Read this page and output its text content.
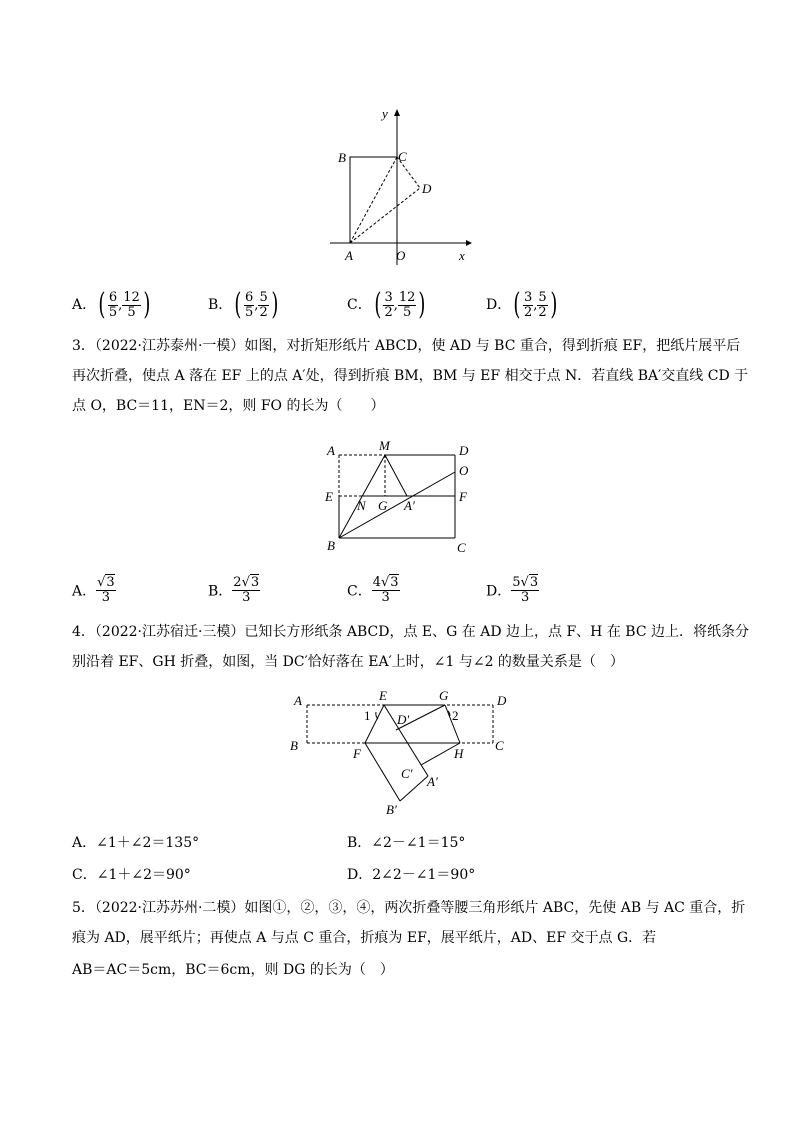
y
x
B	C
D
A	O
A．( $\frac{6}{5}$ , $\frac{12}{5}$ )	B．( $\frac{6}{5}$ , $\frac{5}{2}$ )	C．( $\frac{3}{2}$ , $\frac{12}{5}$ )	D．( $\frac{3}{2}$ , $\frac{5}{2}$ )
3．（2022·江苏泰州·一模）如图，对折矩形纸片 ABCD，使 AD 与 BC 重合，得到折痕 EF，把纸片展平后
再次折叠，使点 A 落在 EF 上的点 A′处，得到折痕 BM，BM 与 EF 相交于点 N．若直线 BA′交直线 CD 于
点 O，BC＝11，EN＝2，则 FO 的长为（　　）
A	M	D
O
E
N G A′
F
B	C
A． $\frac{√3}{3}$	B． $\frac{2√3}{3}$	C． $\frac{4√3}{3}$	D． $\frac{5√3}{3}$
4．（2022·江苏宿迁·三模）已知长方形纸条 ABCD，点 E、G 在 AD 边上，点 F、H 在 BC 边上．将纸条分
别沿着 EF、GH 折叠，如图，当 DC′恰好落在 EA′上时，∠1 与∠2 的数量关系是（　）
A	E	G	D
1 D′	2
B
F	H
C
C′
A′
B′
A．∠1＋∠2＝135°	B．∠2－∠1＝15°
C．∠1＋∠2＝90°	D．2∠2－∠1＝90°
5．（2022·江苏苏州·二模）如图①，②，③，④，两次折叠等腰三角形纸片 ABC，先使 AB 与 AC 重合，折
痕为 AD，展平纸片；再使点 A 与点 C 重合，折痕为 EF，展平纸片，AD、EF 交于点 G．若
AB＝AC＝5cm，BC＝6cm，则 DG 的长为（　）
